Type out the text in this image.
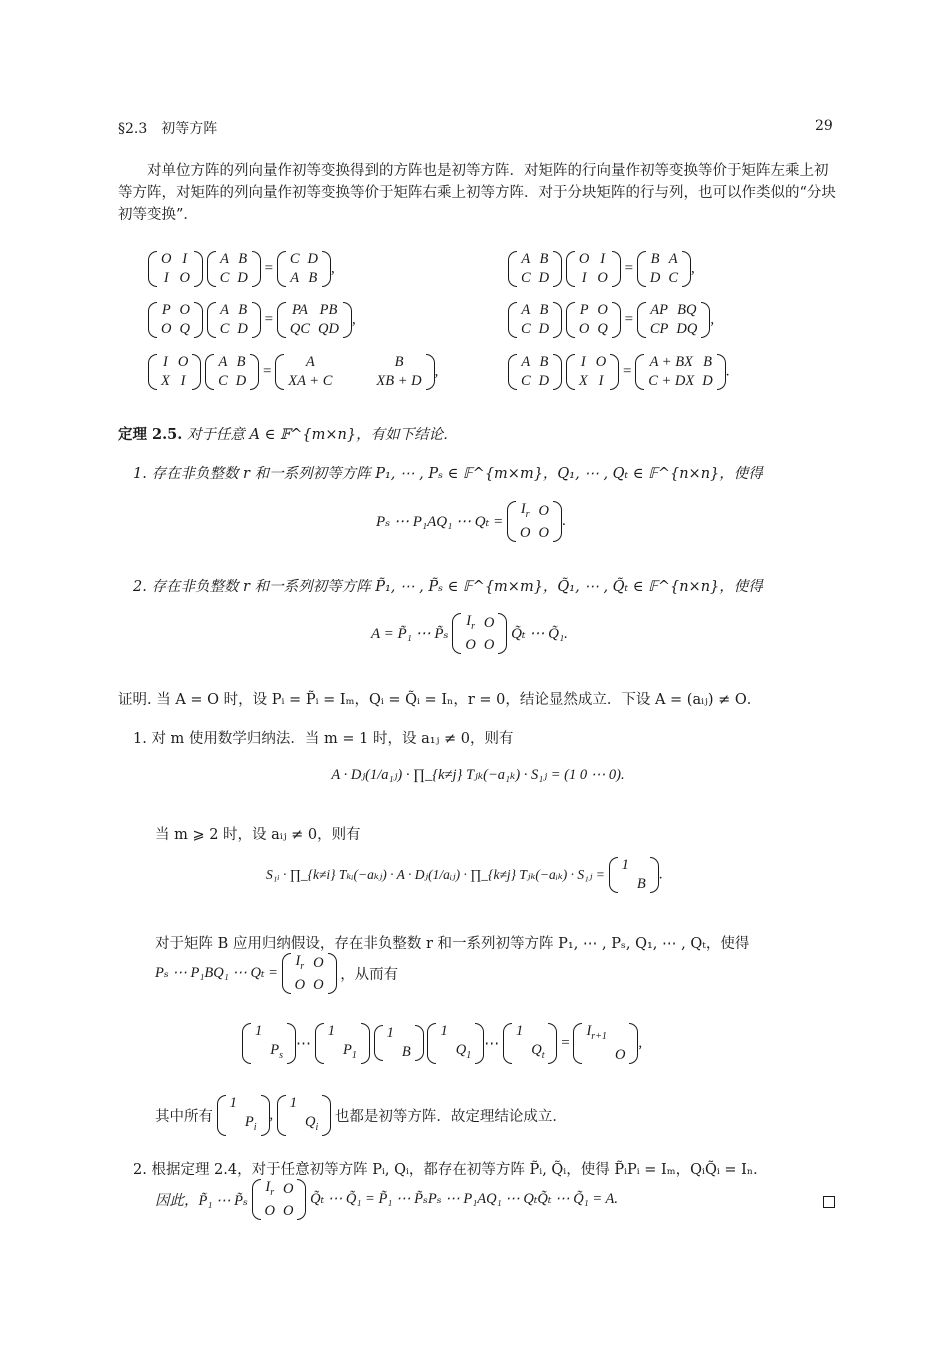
§2.3　初等方阵	29

对单位方阵的列向量作初等变换得到的方阵也是初等方阵．对矩阵的行向量作初等变换等价于矩阵左乘上初等方阵，对矩阵的列向量作初等变换等价于矩阵右乘上初等方阵．对于分块矩阵的行与列，也可以作类似的“分块初等变换”．

O	I
I	O

A	B
C	D
=
C	D
A	B
,
A	B
C	D

O	I
I	O
=
B	A
D	C
,
P	O
O	Q

A	B
C	D
=
PA	PB
QC	QD
,
A	B
C	D

P	O
O	Q
=
AP	BQ
CP	DQ
,
I	O
X	I

A	B
C	D
=
A	B
XA + C	XB + D
,
A	B
C	D

I	O
X	I
=
A + BX	B
C + DX	D
.
定理 2.5. 对于任意 A ∈ 𝔽^{m×n}，有如下结论．
1. 存在非负整数 r 和一系列初等方阵 P₁, ⋯ , Pₛ ∈ 𝔽^{m×m}，Q₁, ⋯ , Qₜ ∈ 𝔽^{n×n}，使得
Pₛ ⋯ P₁AQ₁ ⋯ Qₜ =
$I_r$	O
O	O
.
2. 存在非负整数 r 和一系列初等方阵 P̃₁, ⋯ , P̃ₛ ∈ 𝔽^{m×m}，Q̃₁, ⋯ , Q̃ₜ ∈ 𝔽^{n×n}，使得
A = P̃₁ ⋯ P̃ₛ
$I_r$	O
O	O
Q̃ₜ ⋯ Q̃₁.
证明. 当 A = O 时，设 Pᵢ = P̃ᵢ = Iₘ，Qᵢ = Q̃ᵢ = Iₙ，r = 0，结论显然成立．下设 A = (aᵢⱼ) ≠ O．
1. 对 m 使用数学归纳法．当 m = 1 时，设 a₁ⱼ ≠ 0，则有
A · Dⱼ(1/a₁ⱼ) · ∏_{k≠j} Tⱼₖ(−a₁ₖ) · S₁ⱼ = (1 0 ⋯ 0).
当 m ⩾ 2 时，设 aᵢⱼ ≠ 0，则有
S₁ᵢ · ∏_{k≠i} Tₖᵢ(−aₖⱼ) · A · Dⱼ(1/aᵢⱼ) · ∏_{k≠j} Tⱼₖ(−aᵢₖ) · S₁ⱼ =
1	
	B
.
对于矩阵 B 应用归纳假设，存在非负整数 r 和一系列初等方阵 P₁, ⋯ , Pₛ, Q₁, ⋯ , Qₜ，使得
Pₛ ⋯ P₁BQ₁ ⋯ Qₜ =
$I_r$	O
O	O
，从而有
1	
	$P_s$
⋯
1	
	$P_1$

1	
	B

1	
	$Q_1$
⋯
1	
	$Q_t$
=
$I_{r+1}$	
	O
,
其中所有
1	
	$P_i$
,
1	
	$Q_i$
也都是初等方阵．故定理结论成立．
2. 根据定理 2.4，对于任意初等方阵 Pᵢ, Qᵢ，都存在初等方阵 P̃ᵢ, Q̃ᵢ，使得 P̃ᵢPᵢ = Iₘ，QᵢQ̃ᵢ = Iₙ．
因此，P̃₁ ⋯ P̃ₛ
$I_r$	O
O	O
Q̃ₜ ⋯ Q̃₁ = P̃₁ ⋯ P̃ₛPₛ ⋯ P₁AQ₁ ⋯ QₜQ̃ₜ ⋯ Q̃₁ = A.
